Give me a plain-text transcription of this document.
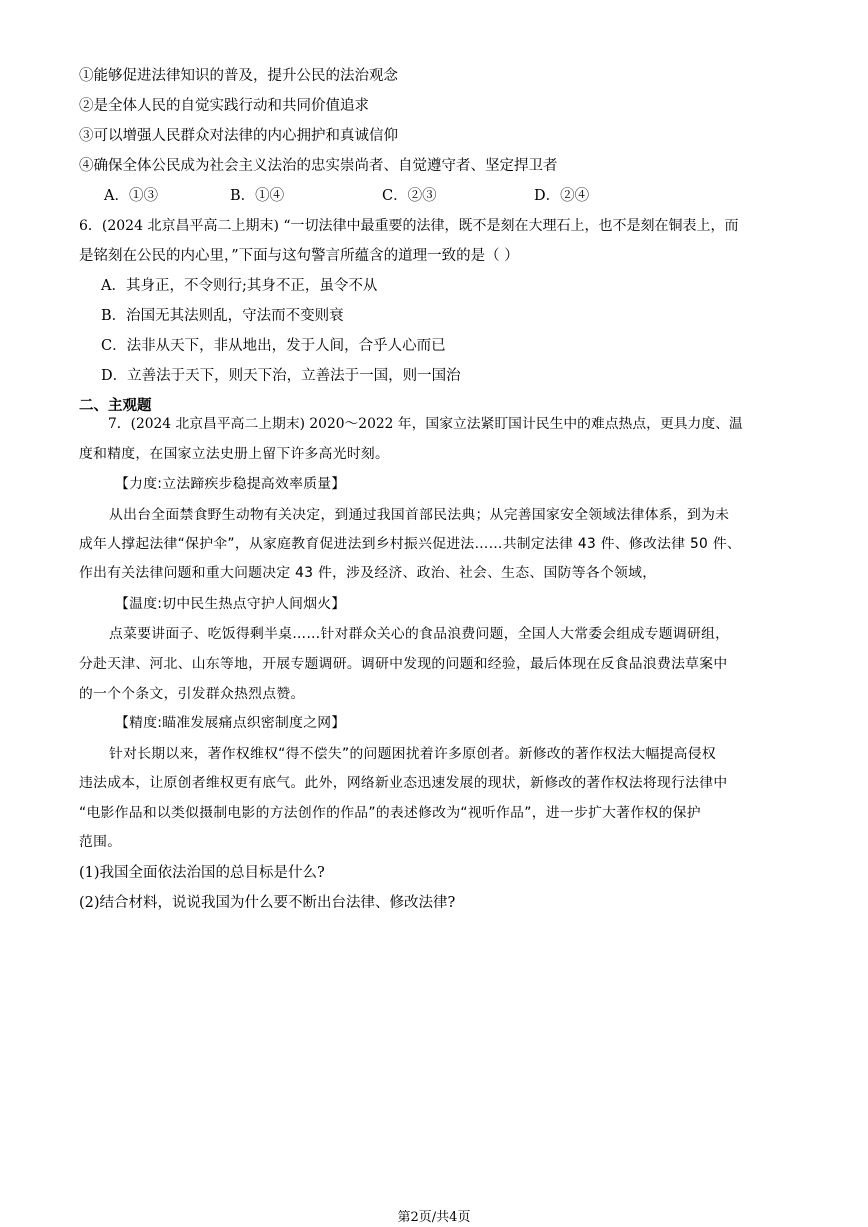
①能够促进法律知识的普及，提升公民的法治观念
②是全体人民的自觉实践行动和共同价值追求
③可以增强人民群众对法律的内心拥护和真诚信仰
④确保全体公民成为社会主义法治的忠实崇尚者、自觉遵守者、坚定捍卫者
A．①③	B．①④	C．②③	D．②④
6．(2024 北京昌平高二上期末) “一切法律中最重要的法律，既不是刻在大理石上，也不是刻在铜表上，而
是铭刻在公民的内心里，”下面与这句警言所蕴含的道理一致的是（ ）
A．其身正，不令则行;其身不正，虽令不从
B．治国无其法则乱，守法而不变则衰
C．法非从天下，非从地出，发于人间，合乎人心而已
D．立善法于天下，则天下治，立善法于一国，则一国治
二、主观题
7．(2024 北京昌平高二上期末) 2020～2022 年，国家立法紧盯国计民生中的难点热点，更具力度、温
度和精度，在国家立法史册上留下许多高光时刻。
【力度:立法蹄疾步稳提高效率质量】
从出台全面禁食野生动物有关决定，到通过我国首部民法典；从完善国家安全领域法律体系，到为未
成年人撑起法律“保护伞”，从家庭教育促进法到乡村振兴促进法……共制定法律 43 件、修改法律 50 件、
作出有关法律问题和重大问题决定 43 件，涉及经济、政治、社会、生态、国防等各个领域，
【温度:切中民生热点守护人间烟火】
点菜要讲面子、吃饭得剩半桌……针对群众关心的食品浪费问题，全国人大常委会组成专题调研组，
分赴天津、河北、山东等地，开展专题调研。调研中发现的问题和经验，最后体现在反食品浪费法草案中
的一个个条文，引发群众热烈点赞。
【精度:瞄准发展痛点织密制度之网】
针对长期以来，著作权维权“得不偿失”的问题困扰着许多原创者。新修改的著作权法大幅提高侵权
违法成本，让原创者维权更有底气。此外，网络新业态迅速发展的现状，新修改的著作权法将现行法律中
“电影作品和以类似摄制电影的方法创作的作品”的表述修改为“视听作品”，进一步扩大著作权的保护
范围。
(1)我国全面依法治国的总目标是什么?
(2)结合材料，说说我国为什么要不断出台法律、修改法律?
第2页/共4页
